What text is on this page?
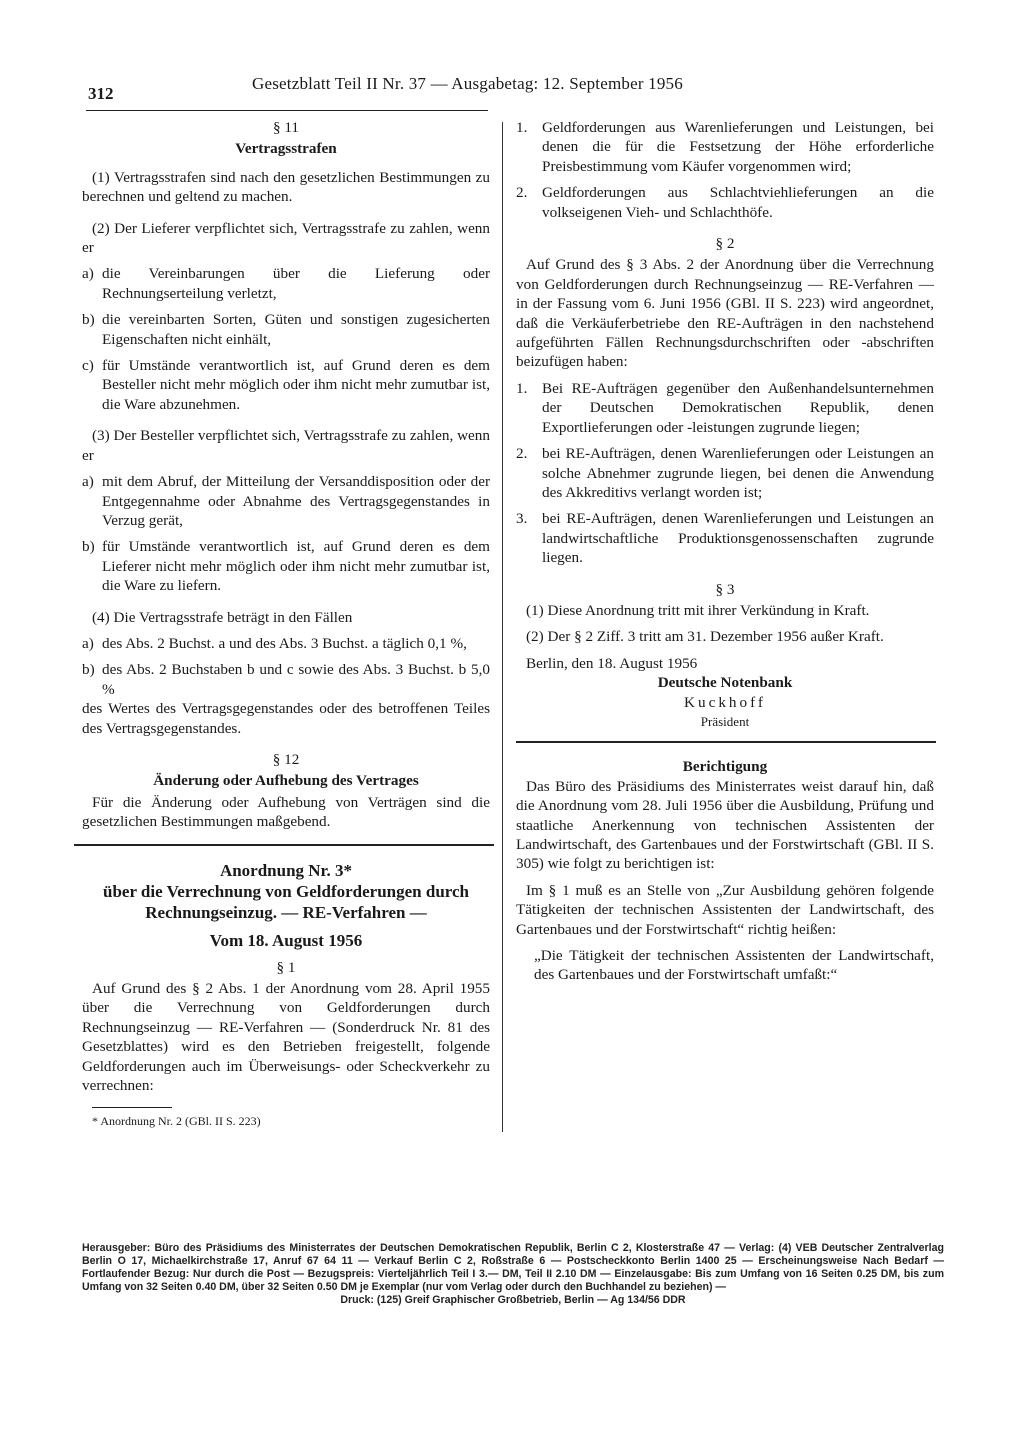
312
Gesetzblatt Teil II Nr. 37 — Ausgabetag: 12. September 1956
§ 11
Vertragsstrafen

(1) Vertragsstrafen sind nach den gesetzlichen Bestimmungen zu berechnen und geltend zu machen.

(2) Der Lieferer verpflichtet sich, Vertragsstrafe zu zahlen, wenn er

a) die Vereinbarungen über die Lieferung oder Rechnungserteilung verletzt,
b) die vereinbarten Sorten, Güten und sonstigen zugesicherten Eigenschaften nicht einhält,
c) für Umstände verantwortlich ist, auf Grund deren es dem Besteller nicht mehr möglich oder ihm nicht mehr zumutbar ist, die Ware abzunehmen.

(3) Der Besteller verpflichtet sich, Vertragsstrafe zu zahlen, wenn er

a) mit dem Abruf, der Mitteilung der Versanddisposition oder der Entgegennahme oder Abnahme des Vertragsgegenstandes in Verzug gerät,
b) für Umstände verantwortlich ist, auf Grund deren es dem Lieferer nicht mehr möglich oder ihm nicht mehr zumutbar ist, die Ware zu liefern.

(4) Die Vertragsstrafe beträgt in den Fällen

a) des Abs. 2 Buchst. a und des Abs. 3 Buchst. a täglich 0,1 %,
b) des Abs. 2 Buchstaben b und c sowie des Abs. 3 Buchst. b 5,0 %

des Wertes des Vertragsgegenstandes oder des betroffenen Teiles des Vertragsgegenstandes.

§ 12
Änderung oder Aufhebung des Vertrages

Für die Änderung oder Aufhebung von Verträgen sind die gesetzlichen Bestimmungen maßgebend.

Anordnung Nr. 3*
über die Verrechnung von Geldforderungen durch Rechnungseinzug. — RE-Verfahren —
Vom 18. August 1956
§ 1

Auf Grund des § 2 Abs. 1 der Anordnung vom 28. April 1955 über die Verrechnung von Geldforderungen durch Rechnungseinzug — RE-Verfahren — (Sonderdruck Nr. 81 des Gesetzblattes) wird es den Betrieben freigestellt, folgende Geldforderungen auch im Überweisungs- oder Scheckverkehr zu verrechnen:

* Anordnung Nr. 2 (GBl. II S. 223)
1. Geldforderungen aus Warenlieferungen und Leistungen, bei denen die für die Festsetzung der Höhe erforderliche Preisbestimmung vom Käufer vorgenommen wird;
2. Geldforderungen aus Schlachtviehlieferungen an die volkseigenen Vieh- und Schlachthöfe.
§ 2

Auf Grund des § 3 Abs. 2 der Anordnung über die Verrechnung von Geldforderungen durch Rechnungseinzug — RE-Verfahren — in der Fassung vom 6. Juni 1956 (GBl. II S. 223) wird angeordnet, daß die Verkäuferbetriebe den RE-Aufträgen in den nachstehend aufgeführten Fällen Rechnungsdurchschriften oder -abschriften beizufügen haben:

1. Bei RE-Aufträgen gegenüber den Außenhandelsunternehmen der Deutschen Demokratischen Republik, denen Exportlieferungen oder -leistungen zugrunde liegen;
2. bei RE-Aufträgen, denen Warenlieferungen oder Leistungen an solche Abnehmer zugrunde liegen, bei denen die Anwendung des Akkreditivs verlangt worden ist;
3. bei RE-Aufträgen, denen Warenlieferungen und Leistungen an landwirtschaftliche Produktionsgenossenschaften zugrunde liegen.
§ 3

(1) Diese Anordnung tritt mit ihrer Verkündung in Kraft.

(2) Der § 2 Ziff. 3 tritt am 31. Dezember 1956 außer Kraft.

Berlin, den 18. August 1956

Deutsche Notenbank
Kuckhoff
Präsident
Berichtigung

Das Büro des Präsidiums des Ministerrates weist darauf hin, daß die Anordnung vom 28. Juli 1956 über die Ausbildung, Prüfung und staatliche Anerkennung von technischen Assistenten der Landwirtschaft, des Gartenbaues und der Forstwirtschaft (GBl. II S. 305) wie folgt zu berichtigen ist:

Im § 1 muß es an Stelle von „Zur Ausbildung gehören folgende Tätigkeiten der technischen Assistenten der Landwirtschaft, des Gartenbaues und der Forstwirtschaft“ richtig heißen:

„Die Tätigkeit der technischen Assistenten der Landwirtschaft, des Gartenbaues und der Forstwirtschaft umfaßt:“

Herausgeber: Büro des Präsidiums des Ministerrates der Deutschen Demokratischen Republik, Berlin C 2, Klosterstraße 47 — Verlag: (4) VEB Deutscher Zentralverlag Berlin O 17, Michaelkirchstraße 17, Anruf 67 64 11 — Verkauf Berlin C 2, Roßstraße 6 — Postscheckkonto Berlin 1400 25 — Erscheinungsweise Nach Bedarf — Fortlaufender Bezug: Nur durch die Post — Bezugspreis: Vierteljährlich Teil I 3.— DM, Teil II 2.10 DM — Einzelausgabe: Bis zum Umfang von 16 Seiten 0.25 DM, bis zum Umfang von 32 Seiten 0.40 DM, über 32 Seiten 0.50 DM je Exemplar (nur vom Verlag oder durch den Buchhandel zu beziehen) —
Druck: (125) Greif Graphischer Großbetrieb, Berlin — Ag 134/56 DDR
